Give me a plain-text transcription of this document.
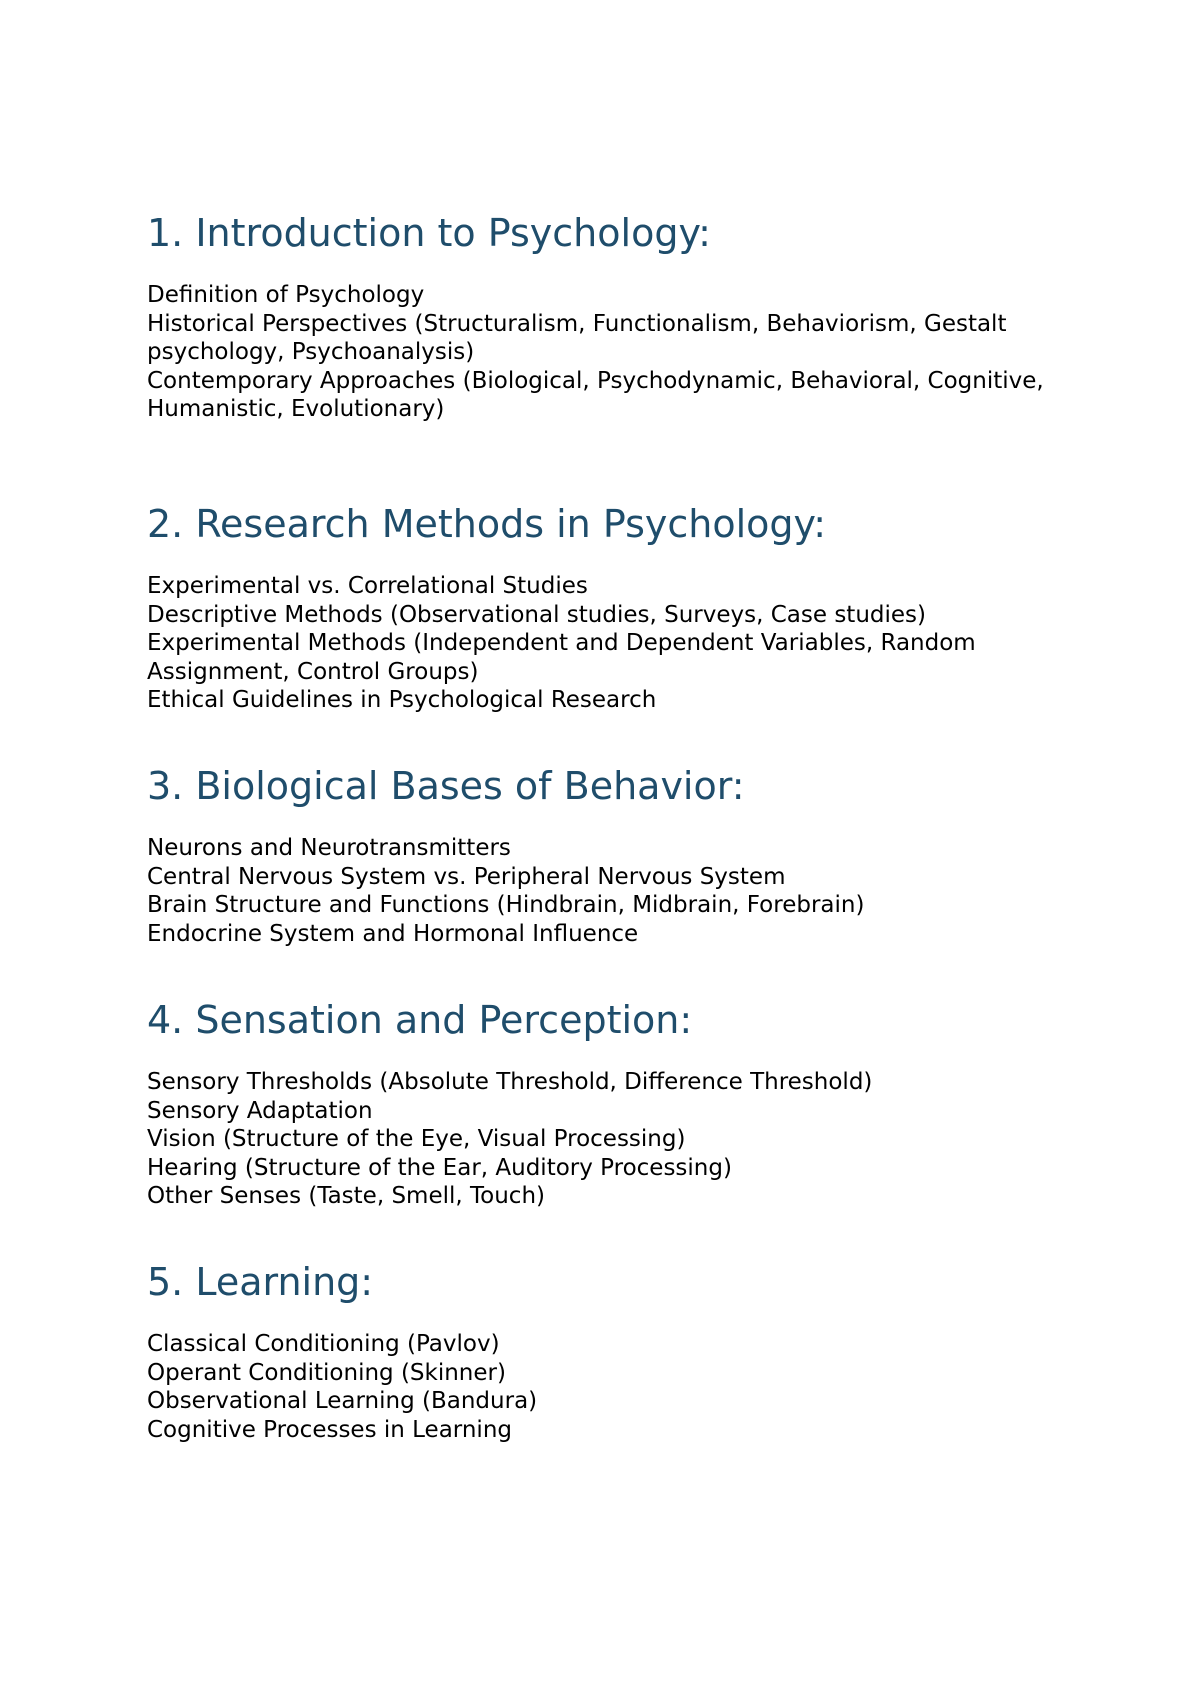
1. Introduction to Psychology:
Definition of Psychology
Historical Perspectives (Structuralism, Functionalism, Behaviorism, Gestalt psychology, Psychoanalysis)
Contemporary Approaches (Biological, Psychodynamic, Behavioral, Cognitive, Humanistic, Evolutionary)
2. Research Methods in Psychology:
Experimental vs. Correlational Studies
Descriptive Methods (Observational studies, Surveys, Case studies)
Experimental Methods (Independent and Dependent Variables, Random Assignment, Control Groups)
Ethical Guidelines in Psychological Research
3. Biological Bases of Behavior:
Neurons and Neurotransmitters
Central Nervous System vs. Peripheral Nervous System
Brain Structure and Functions (Hindbrain, Midbrain, Forebrain)
Endocrine System and Hormonal Influence
4. Sensation and Perception:
Sensory Thresholds (Absolute Threshold, Difference Threshold)
Sensory Adaptation
Vision (Structure of the Eye, Visual Processing)
Hearing (Structure of the Ear, Auditory Processing)
Other Senses (Taste, Smell, Touch)
5. Learning:
Classical Conditioning (Pavlov)
Operant Conditioning (Skinner)
Observational Learning (Bandura)
Cognitive Processes in Learning
